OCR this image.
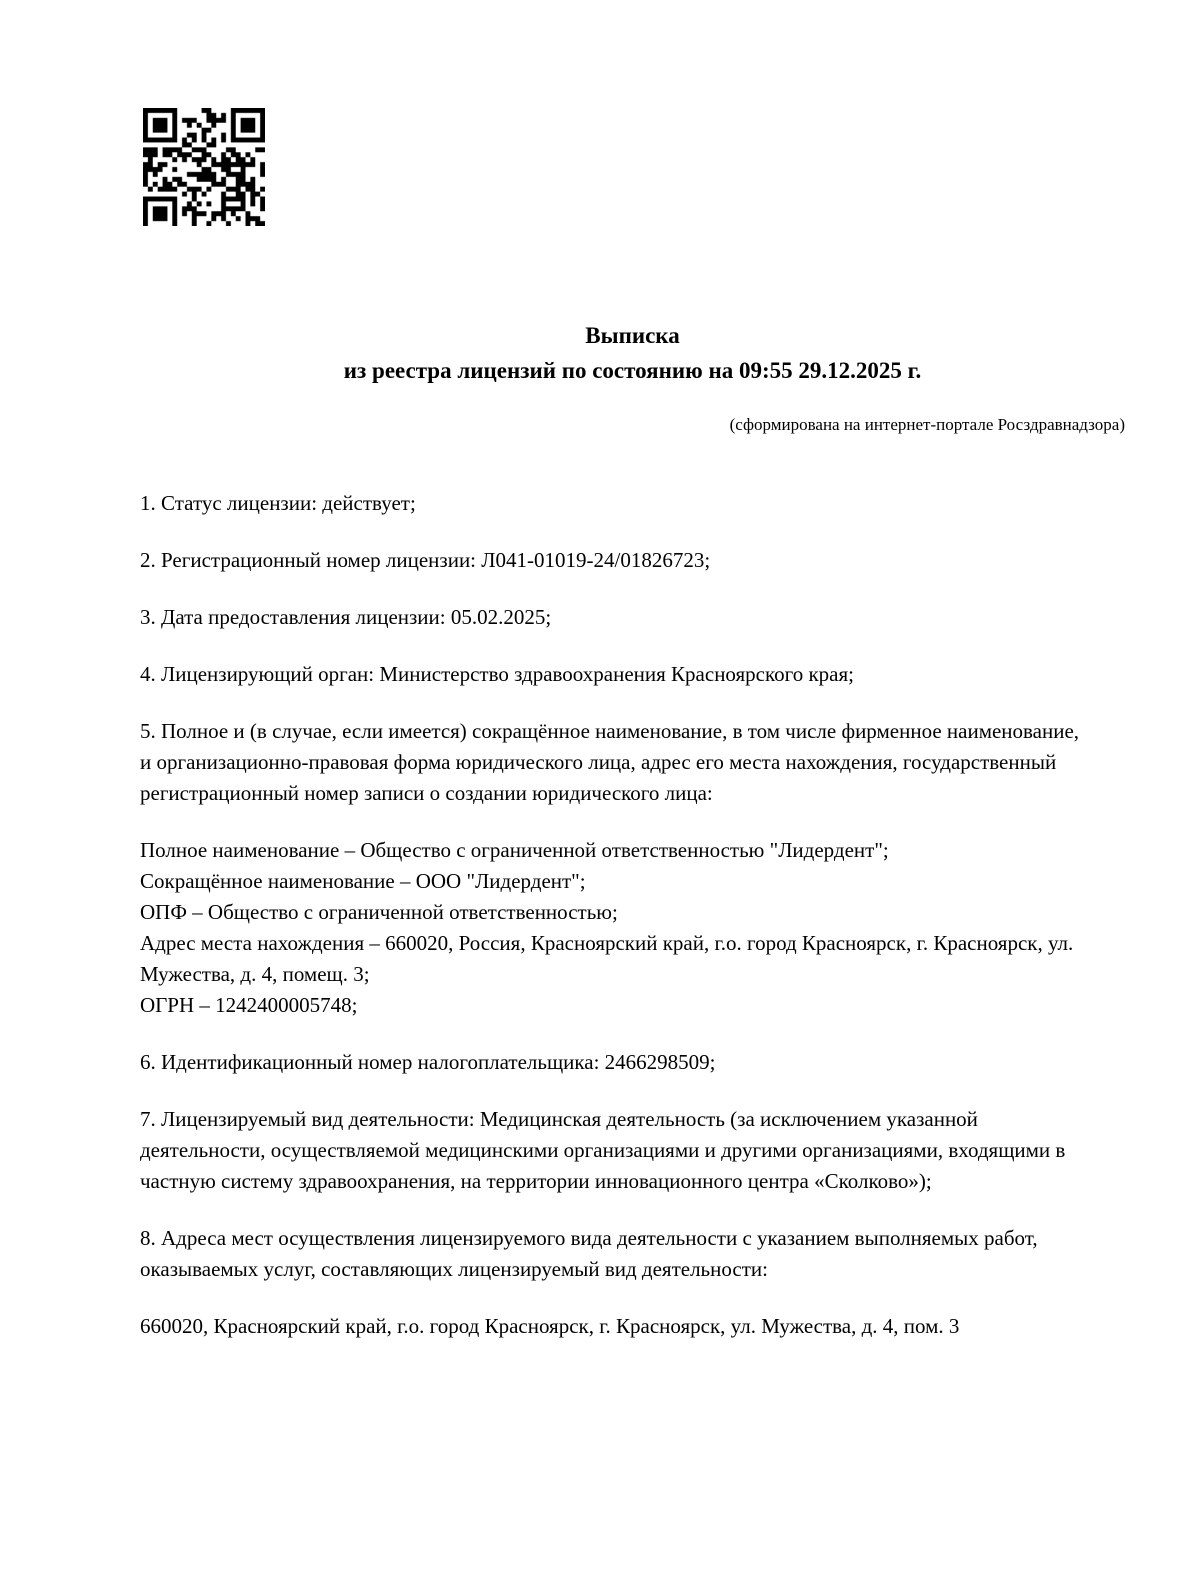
Выписка
из реестра лицензий по состоянию на 09:55 29.12.2025 г.
(сформирована на интернет-портале Росздравнадзора)
1. Статус лицензии: действует;
2. Регистрационный номер лицензии: Л041-01019-24/01826723;
3. Дата предоставления лицензии: 05.02.2025;
4. Лицензирующий орган: Министерство здравоохранения Красноярского края;
5. Полное и (в случае, если имеется) сокращённое наименование, в том числе фирменное наименование, и организационно-правовая форма юридического лица, адрес его места нахождения, государственный регистрационный номер записи о создании юридического лица:
Полное наименование – Общество с ограниченной ответственностью "Лидердент";
Сокращённое наименование – ООО "Лидердент";
ОПФ – Общество с ограниченной ответственностью;
Адрес места нахождения – 660020, Россия, Красноярский край, г.о. город Красноярск, г. Красноярск, ул. Мужества, д. 4, помещ. 3;
ОГРН – 1242400005748;
6. Идентификационный номер налогоплательщика: 2466298509;
7. Лицензируемый вид деятельности: Медицинская деятельность (за исключением указанной деятельности, осуществляемой медицинскими организациями и другими организациями, входящими в частную систему здравоохранения, на территории инновационного центра «Сколково»);
8. Адреса мест осуществления лицензируемого вида деятельности с указанием выполняемых работ, оказываемых услуг, составляющих лицензируемый вид деятельности:
660020, Красноярский край, г.о. город Красноярск, г. Красноярск, ул. Мужества, д. 4, пом. 3
